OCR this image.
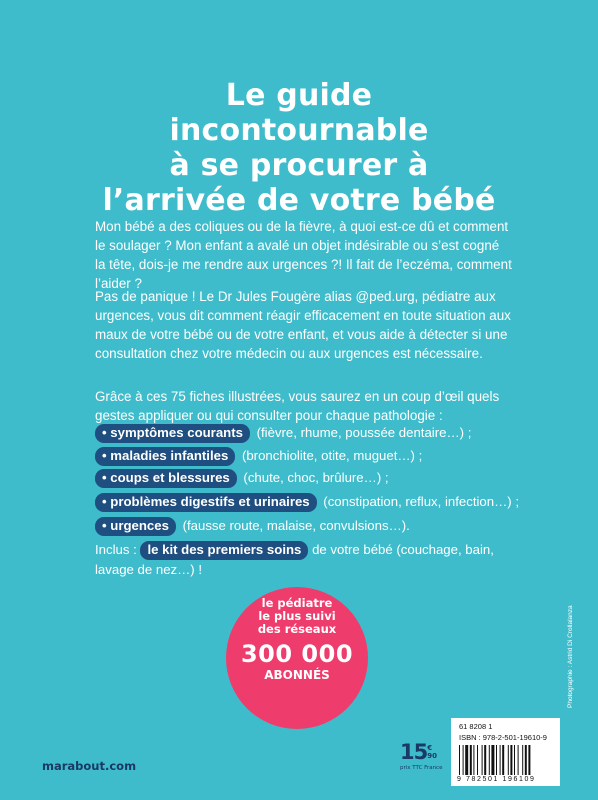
Le guide
incontournable
à se procurer à
l’arrivée de votre bébé

Mon bébé a des coliques ou de la fièvre, à quoi est-ce dû et comment le soulager ? Mon enfant a avalé un objet indésirable ou s’est cogné la tête, dois-je me rendre aux urgences ?! Il fait de l’eczéma, comment l’aider ?

Pas de panique ! Le Dr Jules Fougère alias @ped.urg, pédiatre aux urgences, vous dit comment réagir efficacement en toute situation aux maux de votre bébé ou de votre enfant, et vous aide à détecter si une consultation chez votre médecin ou aux urgences est nécessaire.

Grâce à ces 75 fiches illustrées, vous saurez en un coup d’œil quels gestes appliquer ou qui consulter pour chaque pathologie :

• symptômes courants (fièvre, rhume, poussée dentaire…) ;
• maladies infantiles (bronchiolite, otite, muguet…) ;
• coups et blessures (chute, choc, brûlure…) ;
• problèmes digestifs et urinaires (constipation, reflux, infection…) ;
• urgences (fausse route, malaise, convulsions…).

Inclus : le kit des premiers soins de votre bébé (couchage, bain, lavage de nez…) !

le pédiatre
le plus suivi
des réseaux
300 000
ABONNÉS
marabout.com
15€
90
prix TTC France
61 8208 1
ISBN : 978-2-501-19610-9
9 782501 196109
Photographie : Astrid Di Crollalanza
